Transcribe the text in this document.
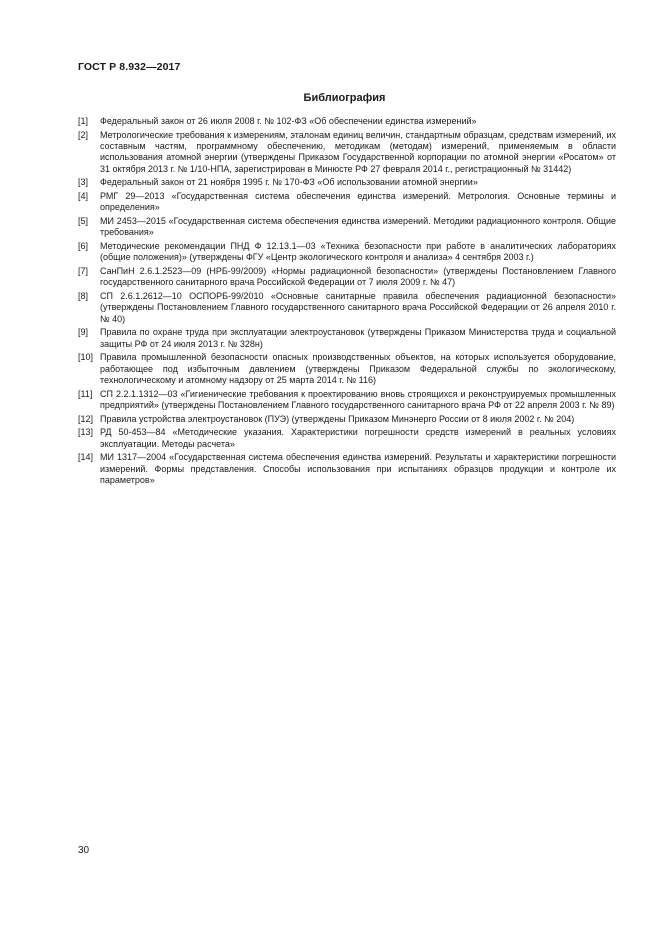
ГОСТ Р 8.932—2017
Библиография
[1]	Федеральный закон от 26 июля 2008 г. № 102-ФЗ «Об обеспечении единства измерений»
[2]	Метрологические требования к измерениям, эталонам единиц величин, стандартным образцам, средствам измерений, их составным частям, программному обеспечению, методикам (методам) измерений, применяемым в области использования атомной энергии (утверждены Приказом Государственной корпорации по атомной энергии «Росатом» от 31 октября 2013 г. № 1/10-НПА, зарегистрирован в Минюсте РФ 27 февраля 2014 г., регистрационный № 31442)
[3]	Федеральный закон от 21 ноября 1995 г. № 170-ФЗ «Об использовании атомной энергии»
[4]	РМГ 29—2013 «Государственная система обеспечения единства измерений. Метрология. Основные термины и определения»
[5]	МИ 2453—2015 «Государственная система обеспечения единства измерений. Методики радиационного контроля. Общие требования»
[6]	Методические рекомендации ПНД Ф 12.13.1—03 «Техника безопасности при работе в аналитических лабораториях (общие положения)» (утверждены ФГУ «Центр экологического контроля и анализа» 4 сентября 2003 г.)
[7]	СанПиН 2.6.1.2523—09 (НРБ-99/2009) «Нормы радиационной безопасности» (утверждены Постановлением Главного государственного санитарного врача Российской Федерации от 7 июля 2009 г. № 47)
[8]	СП 2.6.1.2612—10 ОСПОРБ-99/2010 «Основные санитарные правила обеспечения радиационной безопасности» (утверждены Постановлением Главного государственного санитарного врача Российской Федерации от 26 апреля 2010 г. № 40)
[9]	Правила по охране труда при эксплуатации электроустановок (утверждены Приказом Министерства труда и социальной защиты РФ от 24 июля 2013 г. № 328н)
[10] Правила промышленной безопасности опасных производственных объектов, на которых используется оборудование, работающее под избыточным давлением (утверждены Приказом Федеральной службы по экологическому, технологическому и атомному надзору от 25 марта 2014 г. № 116)
[11] СП 2.2.1.1312—03 «Гигиенические требования к проектированию вновь строящихся и реконструируемых промышленных предприятий» (утверждены Постановлением Главного государственного санитарного врача РФ от 22 апреля 2003 г. № 89)
[12] Правила устройства электроустановок (ПУЭ) (утверждены Приказом Минэнерго России от 8 июля 2002 г. № 204)
[13] РД 50-453—84 «Методические указания. Характеристики погрешности средств измерений в реальных условиях эксплуатации. Методы расчета»
[14] МИ 1317—2004 «Государственная система обеспечения единства измерений. Результаты и характеристики погрешности измерений. Формы представления. Способы использования при испытаниях образцов продукции и контроле их параметров»
30
